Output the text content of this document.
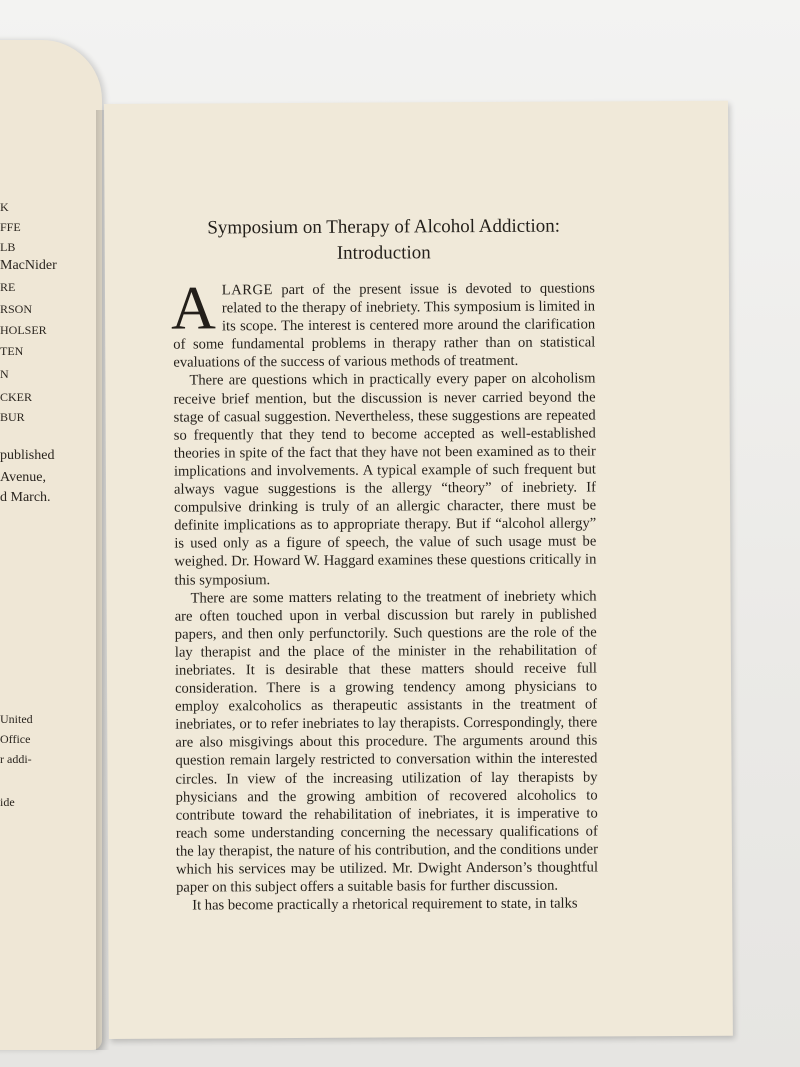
K
FFE
LB
MacNider
RE
RSON
HOLSER
TEN
N
CKER
BUR
published
Avenue,
d March.
United
Office
r addi-
ide
Symposium on Therapy of Alcohol Addiction:
Introduction

ALARGE part of the present issue is devoted to questions related to the therapy of inebriety. This symposium is limited in its scope. The interest is centered more around the clarification of some fundamental problems in therapy rather than on statistical evaluations of the success of various methods of treatment.

There are questions which in practically every paper on alcoholism receive brief mention, but the discussion is never carried beyond the stage of casual suggestion. Nevertheless, these suggestions are repeated so frequently that they tend to become accepted as well-established theories in spite of the fact that they have not been examined as to their implications and involvements. A typical example of such frequent but always vague suggestions is the allergy “theory” of inebriety. If compulsive drinking is truly of an allergic character, there must be definite implications as to appropriate therapy. But if “alcohol allergy” is used only as a figure of speech, the value of such usage must be weighed. Dr. Howard W. Haggard examines these questions critically in this symposium.

There are some matters relating to the treatment of inebriety which are often touched upon in verbal discussion but rarely in published papers, and then only perfunctorily. Such questions are the role of the lay therapist and the place of the minister in the rehabilitation of inebriates. It is desirable that these matters should receive full consideration. There is a growing tendency among physicians to employ exalcoholics as therapeutic assistants in the treatment of inebriates, or to refer inebriates to lay therapists. Correspondingly, there are also misgivings about this procedure. The arguments around this question remain largely restricted to conversation within the interested circles. In view of the increasing utilization of lay therapists by physicians and the growing ambition of recovered alcoholics to contribute toward the rehabilitation of inebriates, it is imperative to reach some understanding concerning the necessary qualifications of the lay therapist, the nature of his contribution, and the conditions under which his services may be utilized. Mr. Dwight Anderson’s thoughtful paper on this subject offers a suitable basis for further discussion.

It has become practically a rhetorical requirement to state, in talks
